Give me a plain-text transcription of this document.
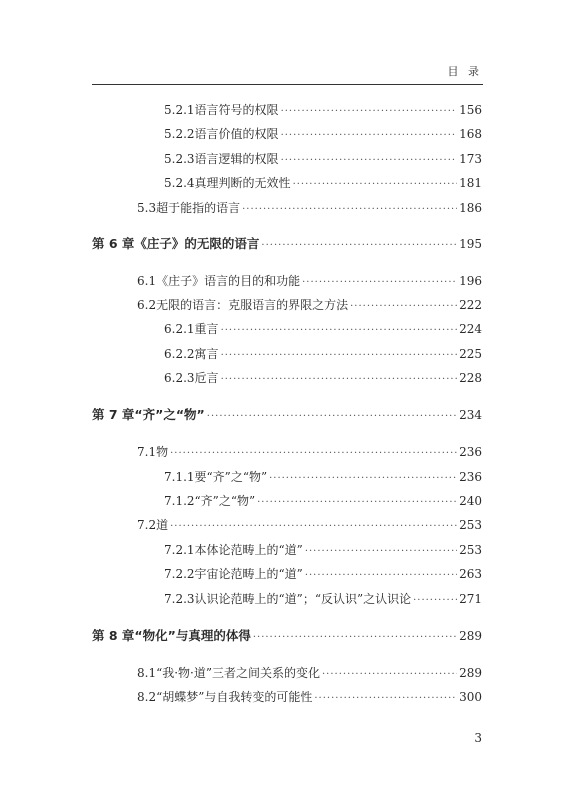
目 录
5.2.1 语言符号的权限 ·····	156
5.2.2 语言价值的权限 ·····	168
5.2.3 语言逻辑的权限 ·····	173
5.2.4 真理判断的无效性 ·····	181
5.3 超于能指的语言 ·····	186
第 6 章 《庄子》的无限的语言 ·····	195
6.1 《庄子》语言的目的和功能 ·····	196
6.2 无限的语言：克服语言的界限之方法 ·····	222
6.2.1 重言 ·····	224
6.2.2 寓言 ·····	225
6.2.3 卮言 ·····	228
第 7 章 “齐”之“物” ·····	234
7.1 物 ·····	236
7.1.1 要“齐”之“物” ·····	236
7.1.2 “齐”之“物” ·····	240
7.2 道 ·····	253
7.2.1 本体论范畴上的“道” ·····	253
7.2.2 宇宙论范畴上的“道” ·····	263
7.2.3 认识论范畴上的“道”；“反认识”之认识论 ·····	271
第 8 章 “物化”与真理的体得 ·····	289
8.1 “我·物·道”三者之间关系的变化 ·····	289
8.2 “胡蝶梦”与自我转变的可能性 ·····	300
3
